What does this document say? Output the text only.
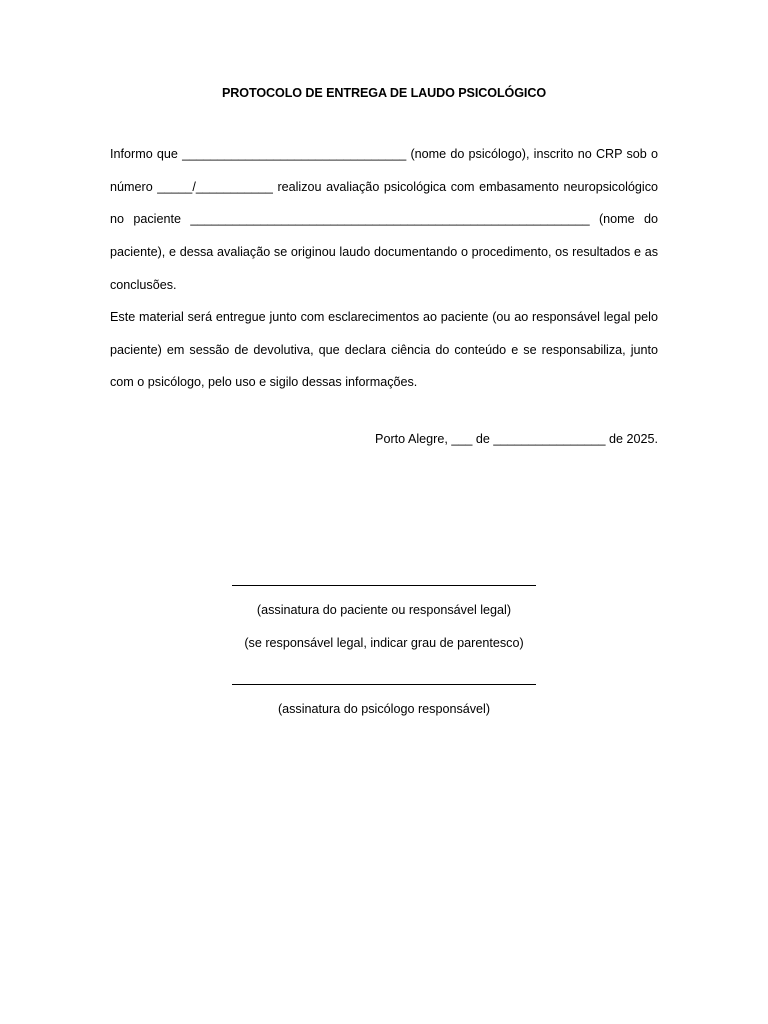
PROTOCOLO DE ENTREGA DE LAUDO PSICOLÓGICO
Informo que ________________________________ (nome do psicólogo), inscrito no CRP sob o número _____/___________ realizou avaliação psicológica com embasamento neuropsicológico no paciente _________________________________________________________ (nome do paciente), e dessa avaliação se originou laudo documentando o procedimento, os resultados e as conclusões.
Este material será entregue junto com esclarecimentos ao paciente (ou ao responsável legal pelo paciente) em sessão de devolutiva, que declara ciência do conteúdo e se responsabiliza, junto com o psicólogo, pelo uso e sigilo dessas informações.
Porto Alegre, ___ de ________________ de 2025.
(assinatura do paciente ou responsável legal)
(se responsável legal, indicar grau de parentesco)
(assinatura do psicólogo responsável)
